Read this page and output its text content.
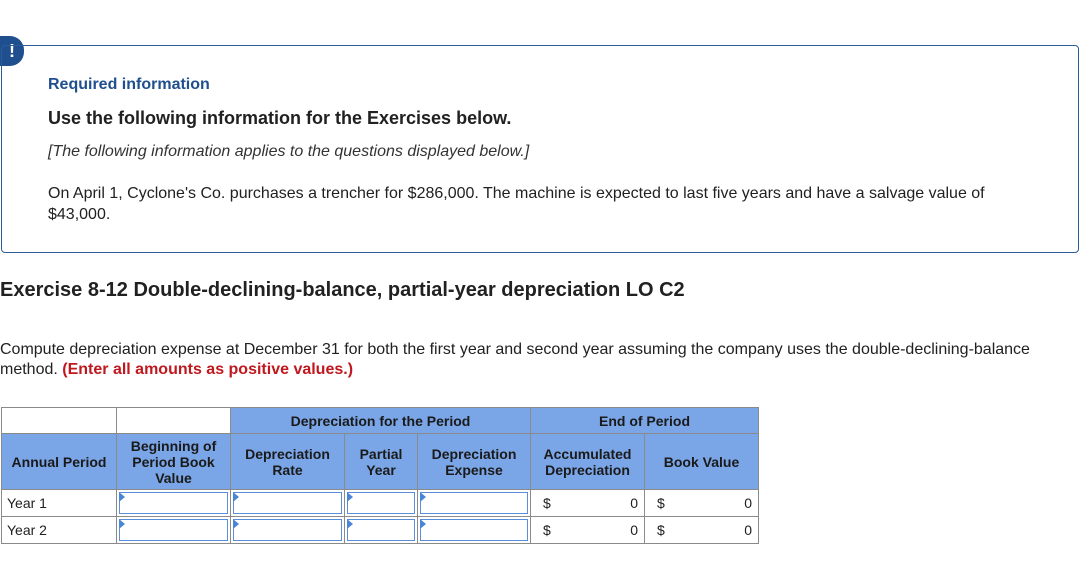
!
Required information
Use the following information for the Exercises below.
[The following information applies to the questions displayed below.]
On April 1, Cyclone's Co. purchases a trencher for $286,000. The machine is expected to last five years and have a salvage value of $43,000.
Exercise 8-12 Double-declining-balance, partial-year depreciation LO C2
Compute depreciation expense at December 31 for both the first year and second year assuming the company uses the double-declining-balance method. (Enter all amounts as positive values.)
		Depreciation for the Period			End of Period	
Annual Period	Beginning of Period Book Value	Depreciation Rate	Partial Year	Depreciation Expense	Accumulated Depreciation	Book Value
Year 1					$ 0	$ 0

Year 2					$ 0	$ 0
